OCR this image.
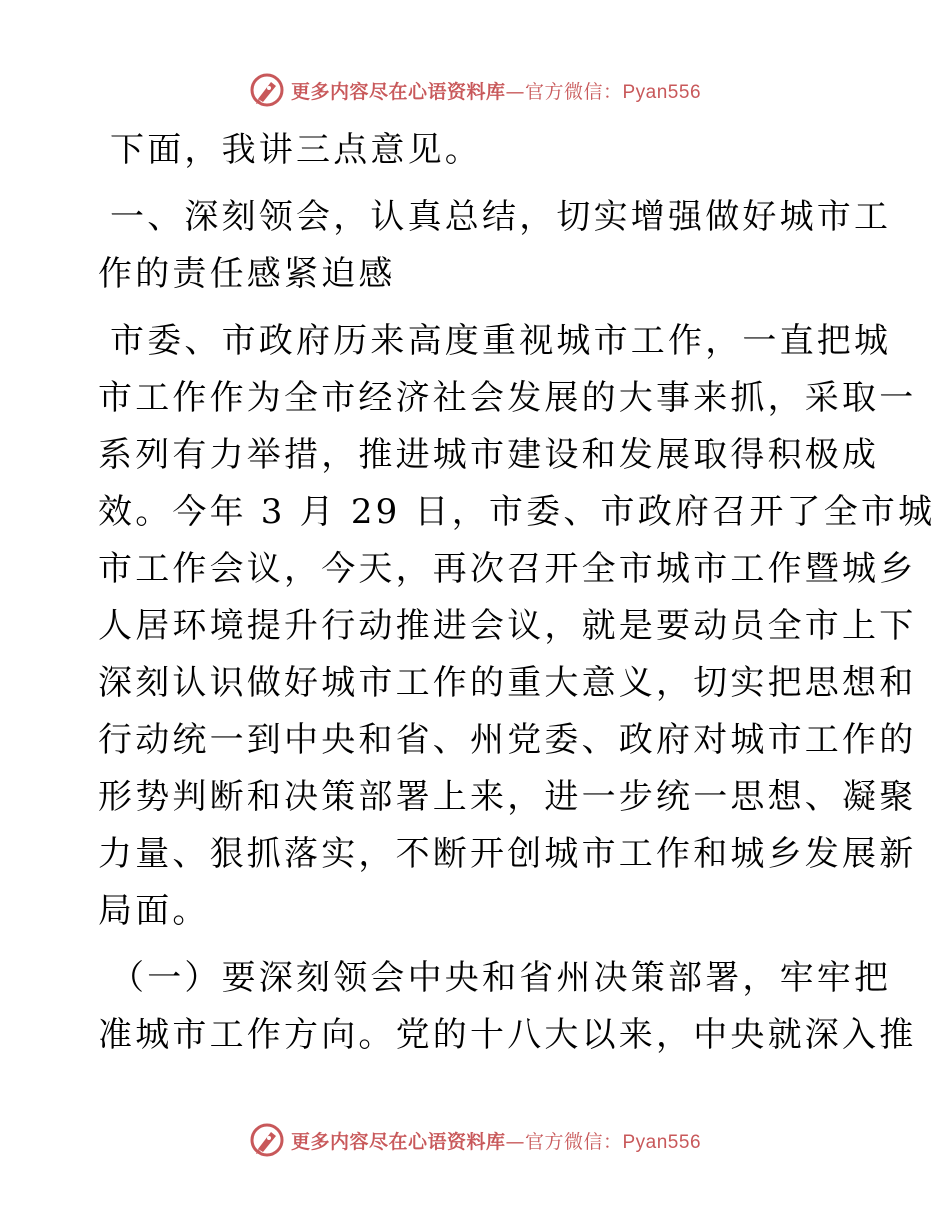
更多内容尽在心语资料库—官方微信：Pyan556

下面，我讲三点意见。

一、深刻领会，认真总结，切实增强做好城市工
作的责任感紧迫感

市委、市政府历来高度重视城市工作，一直把城
市工作作为全市经济社会发展的大事来抓，采取一
系列有力举措，推进城市建设和发展取得积极成
效。今年 3 月 29 日，市委、市政府召开了全市城
市工作会议，今天，再次召开全市城市工作暨城乡
人居环境提升行动推进会议，就是要动员全市上下
深刻认识做好城市工作的重大意义，切实把思想和
行动统一到中央和省、州党委、政府对城市工作的
形势判断和决策部署上来，进一步统一思想、凝聚
力量、狠抓落实，不断开创城市工作和城乡发展新
局面。

（一）要深刻领会中央和省州决策部署，牢牢把
准城市工作方向。党的十八大以来，中央就深入推

更多内容尽在心语资料库—官方微信：Pyan556
